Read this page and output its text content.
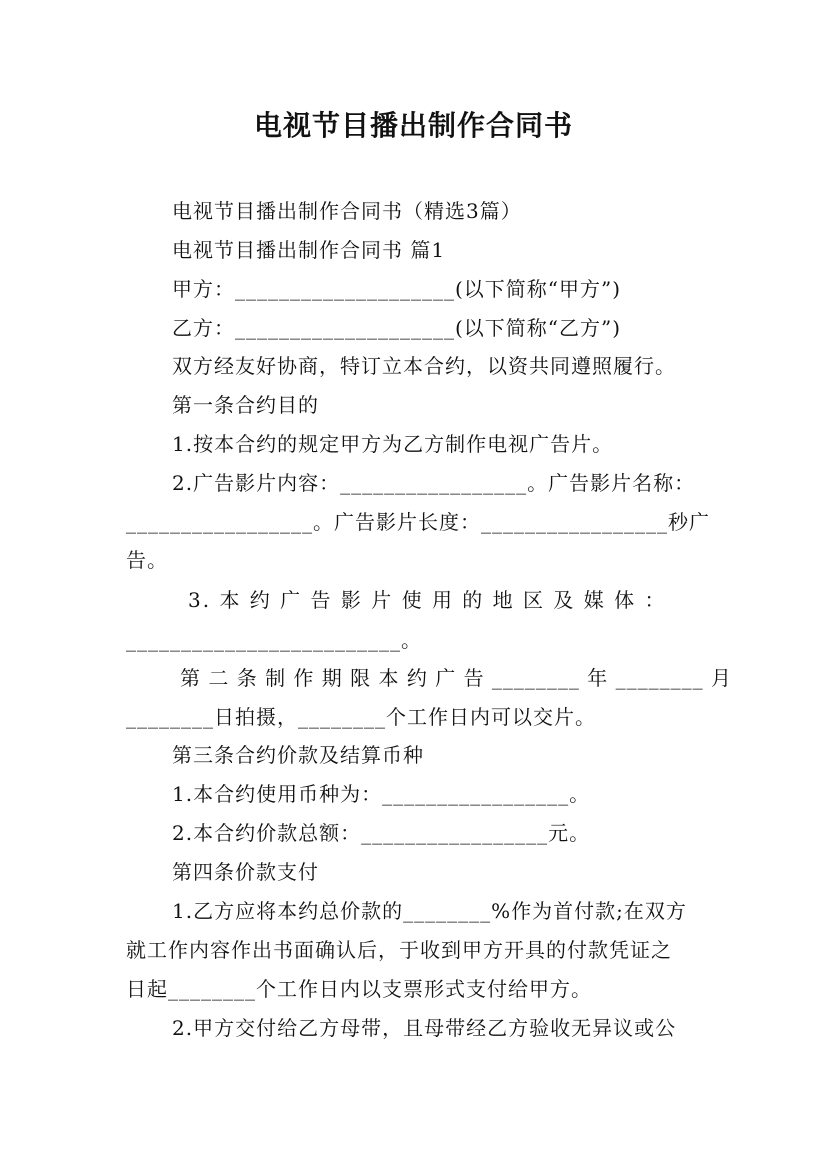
电视节目播出制作合同书
电视节目播出制作合同书（精选3篇）
电视节目播出制作合同书 篇1
甲方：____________________(以下简称“甲方”)
乙方：____________________(以下简称“乙方”)
双方经友好协商，特订立本合约，以资共同遵照履行。
第一条合约目的
1.按本合约的规定甲方为乙方制作电视广告片。
2.广告影片内容：_________________。广告影片名称：
_________________。广告影片长度：_________________秒广
告。
3. 本 约 广 告 影 片 使 用 的 地 区 及 媒 体 ：
_________________________。
第 二 条 制 作 期 限 本 约 广 告 ________ 年 ________ 月
________日拍摄，________个工作日内可以交片。
第三条合约价款及结算币种
1.本合约使用币种为：_________________。
2.本合约价款总额：_________________元。
第四条价款支付
1.乙方应将本约总价款的________%作为首付款;在双方
就工作内容作出书面确认后，于收到甲方开具的付款凭证之
日起________个工作日内以支票形式支付给甲方。
2.甲方交付给乙方母带，且母带经乙方验收无异议或公
